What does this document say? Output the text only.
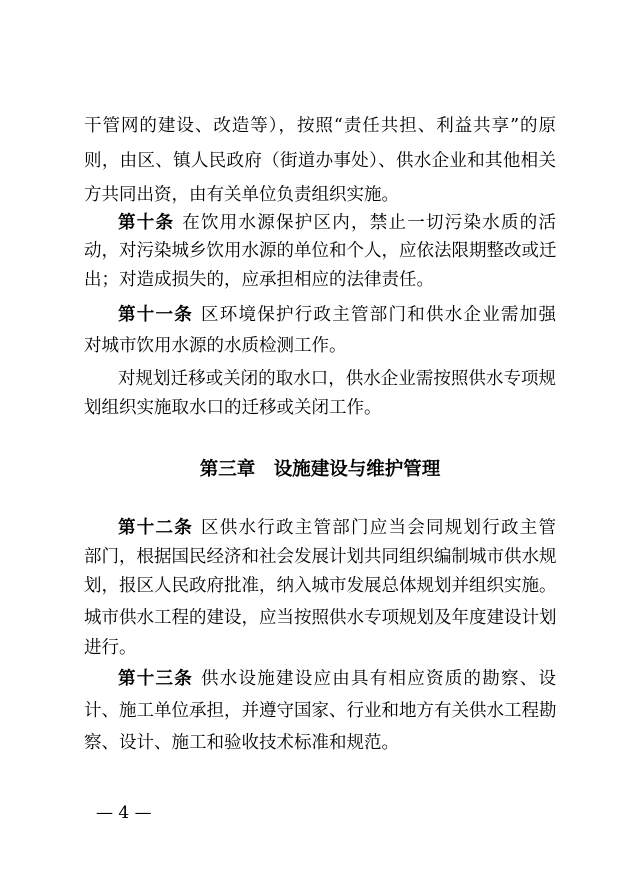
干管网的建设、改造等），按照“责任共担、利益共享”的原
则，由区、镇人民政府（街道办事处）、供水企业和其他相关
方共同出资，由有关单位负责组织实施。
第十条 在饮用水源保护区内，禁止一切污染水质的活
动，对污染城乡饮用水源的单位和个人，应依法限期整改或迁
出；对造成损失的，应承担相应的法律责任。
第十一条 区环境保护行政主管部门和供水企业需加强
对城市饮用水源的水质检测工作。
对规划迁移或关闭的取水口，供水企业需按照供水专项规
划组织实施取水口的迁移或关闭工作。
第三章　设施建设与维护管理
第十二条 区供水行政主管部门应当会同规划行政主管
部门，根据国民经济和社会发展计划共同组织编制城市供水规
划，报区人民政府批准，纳入城市发展总体规划并组织实施。
城市供水工程的建设，应当按照供水专项规划及年度建设计划
进行。
第十三条 供水设施建设应由具有相应资质的勘察、设
计、施工单位承担，并遵守国家、行业和地方有关供水工程勘
察、设计、施工和验收技术标准和规范。
— 4 —
